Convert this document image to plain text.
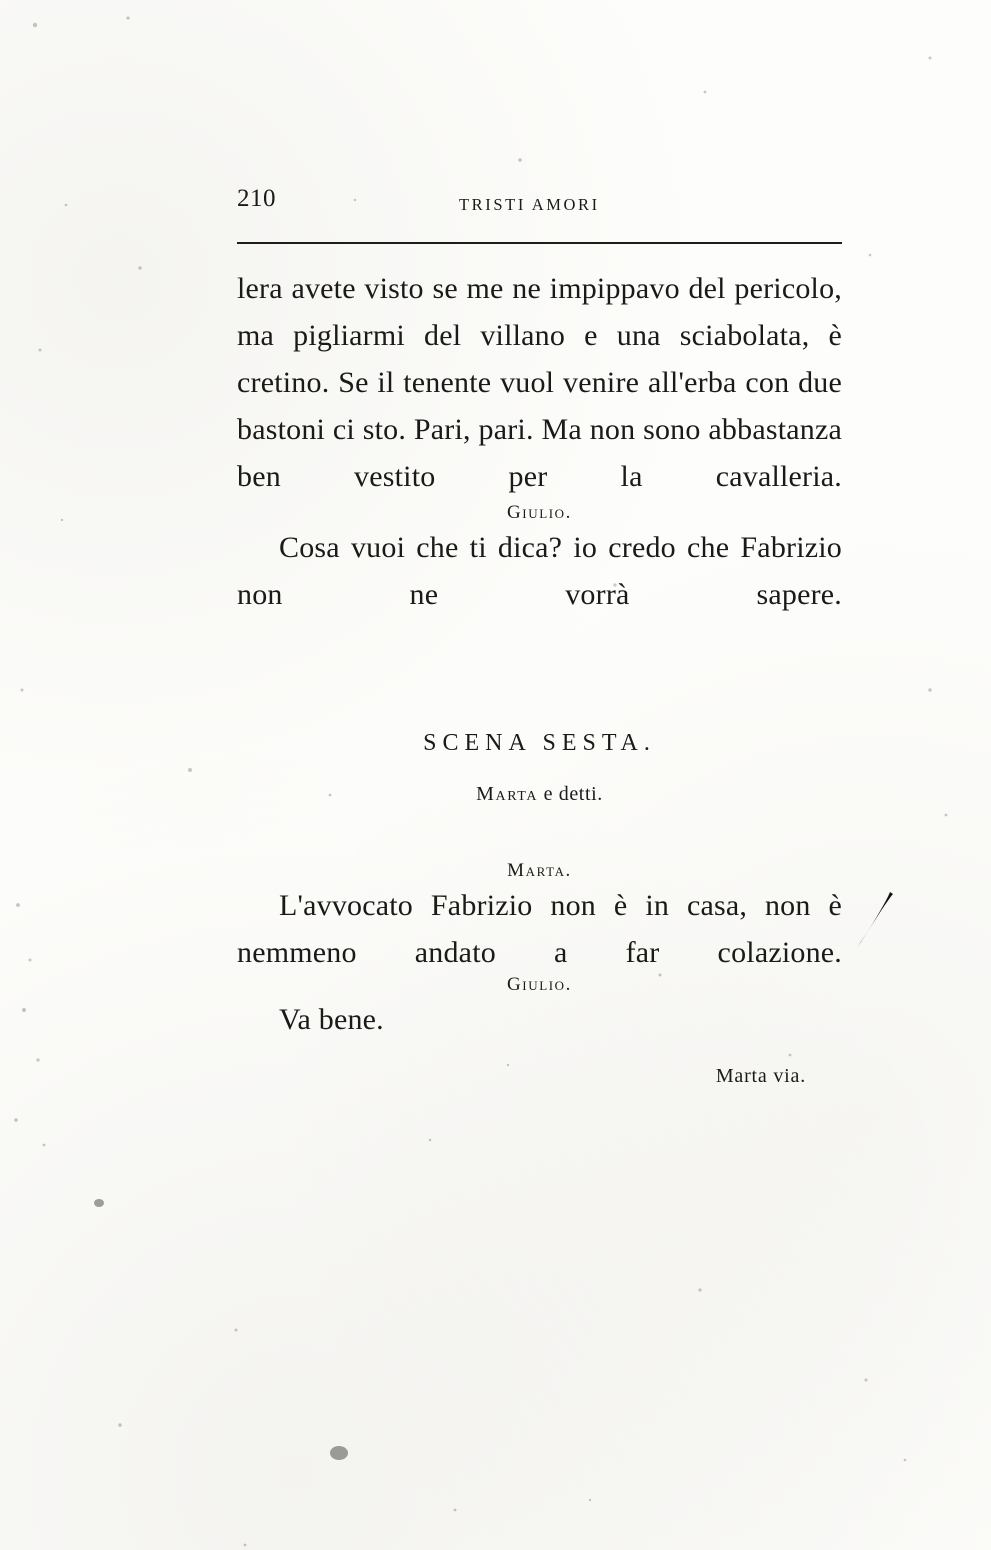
210	TRISTI AMORI

lera avete visto se me ne impippavo del pericolo, ma pigliarmi del villano e una sciabolata, è cretino. Se il tenente vuol venire all'erba con due bastoni ci sto. Pari, pari. Ma non sono abbastanza ben vestito per la cavalleria.

Giulio.

Cosa vuoi che ti dica? io credo che Fabrizio non ne vorrà sapere.

SCENA SESTA.

Marta e detti.

Marta.

L'avvocato Fabrizio non è in casa, non è nemmeno andato a far colazione.

Giulio.

Va bene.

Marta via.
